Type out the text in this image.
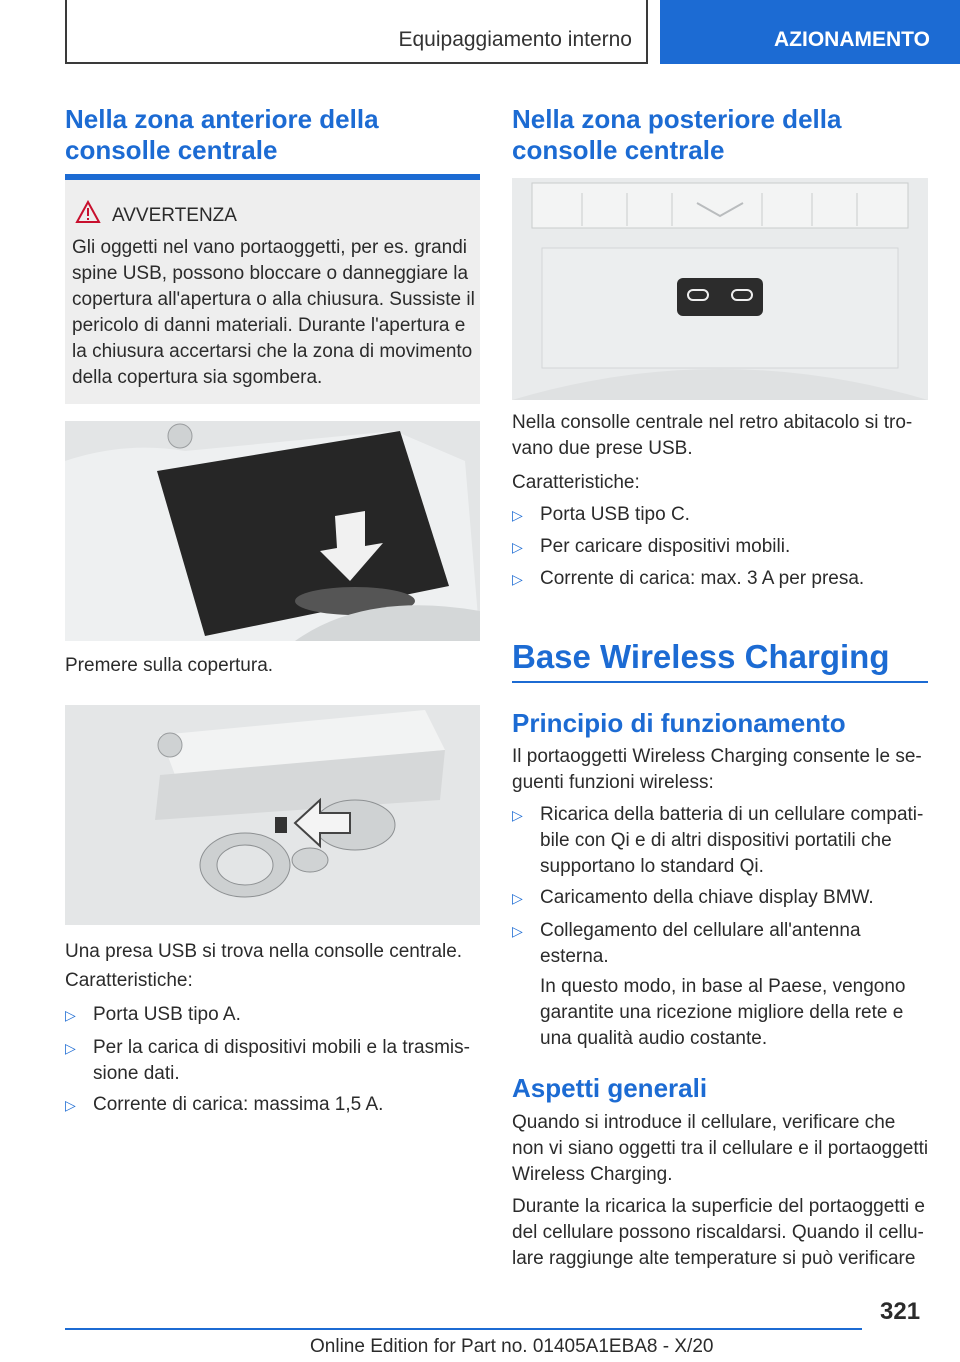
Equipaggiamento interno	AZIONAMENTO
Nella zona anteriore della
consolle centrale
AVVERTENZA
Gli oggetti nel vano portaoggetti, per es. grandi spine USB, possono bloccare o danneggiare la copertura all'apertura o alla chiusura. Sussiste il pericolo di danni materiali. Durante l'apertura e la chiusura accertarsi che la zona di movimento della copertura sia sgombera.
Premere sulla copertura.
Una presa USB si trova nella consolle centrale.
Caratteristiche:
▷ Porta USB tipo A.
▷ Per la carica di dispositivi mobili e la trasmis-
sione dati.
▷ Corrente di carica: massima 1,5 A.
Nella zona posteriore della
consolle centrale
Nella consolle centrale nel retro abitacolo si tro-
vano due prese USB.
Caratteristiche:
▷ Porta USB tipo C.
▷ Per caricare dispositivi mobili.
▷ Corrente di carica: max. 3 A per presa.
Base Wireless Charging
Principio di funzionamento
Il portaoggetti Wireless Charging consente le se-
guenti funzioni wireless:
▷ Ricarica della batteria di un cellulare compati-
bile con Qi e di altri dispositivi portatili che
supportano lo standard Qi.
▷ Caricamento della chiave display BMW.
▷ Collegamento del cellulare all'antenna
esterna.
In questo modo, in base al Paese, vengono
garantite una ricezione migliore della rete e
una qualità audio costante.
Aspetti generali
Quando si introduce il cellulare, verificare che
non vi siano oggetti tra il cellulare e il portaoggetti
Wireless Charging.
Durante la ricarica la superficie del portaoggetti e
del cellulare possono riscaldarsi. Quando il cellu-
lare raggiunge alte temperature si può verificare
321
Online Edition for Part no. 01405A1EBA8 - X/20
